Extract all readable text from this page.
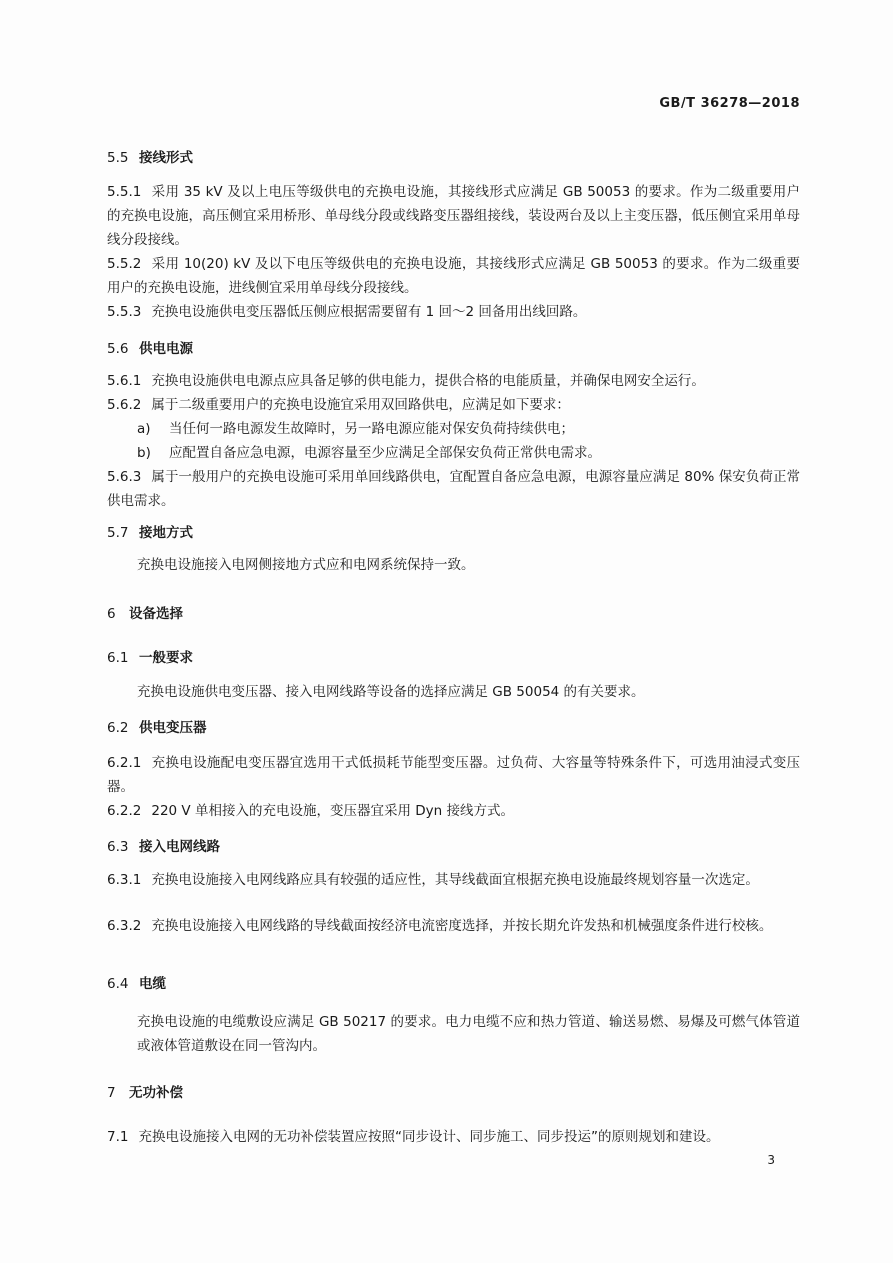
GB/T 36278—2018
5.5 接线形式
5.5.1 采用 35 kV 及以上电压等级供电的充换电设施，其接线形式应满足 GB 50053 的要求。作为二级重要用户的充换电设施，高压侧宜采用桥形、单母线分段或线路变压器组接线，装设两台及以上主变压器，低压侧宜采用单母线分段接线。
5.5.2 采用 10(20) kV 及以下电压等级供电的充换电设施，其接线形式应满足 GB 50053 的要求。作为二级重要用户的充换电设施，进线侧宜采用单母线分段接线。
5.5.3 充换电设施供电变压器低压侧应根据需要留有 1 回～2 回备用出线回路。
5.6 供电电源
5.6.1 充换电设施供电电源点应具备足够的供电能力，提供合格的电能质量，并确保电网安全运行。
5.6.2 属于二级重要用户的充换电设施宜采用双回路供电，应满足如下要求：
a) 当任何一路电源发生故障时，另一路电源应能对保安负荷持续供电；
b) 应配置自备应急电源，电源容量至少应满足全部保安负荷正常供电需求。
5.6.3 属于一般用户的充换电设施可采用单回线路供电，宜配置自备应急电源，电源容量应满足 80% 保安负荷正常供电需求。
5.7 接地方式
充换电设施接入电网侧接地方式应和电网系统保持一致。
6 设备选择
6.1 一般要求
充换电设施供电变压器、接入电网线路等设备的选择应满足 GB 50054 的有关要求。
6.2 供电变压器
6.2.1 充换电设施配电变压器宜选用干式低损耗节能型变压器。过负荷、大容量等特殊条件下，可选用油浸式变压器。
6.2.2 220 V 单相接入的充电设施，变压器宜采用 Dyn 接线方式。
6.3 接入电网线路
6.3.1 充换电设施接入电网线路应具有较强的适应性，其导线截面宜根据充换电设施最终规划容量一次选定。
6.3.2 充换电设施接入电网线路的导线截面按经济电流密度选择，并按长期允许发热和机械强度条件进行校核。
6.4 电缆
充换电设施的电缆敷设应满足 GB 50217 的要求。电力电缆不应和热力管道、输送易燃、易爆及可燃气体管道或液体管道敷设在同一管沟内。
7 无功补偿
7.1 充换电设施接入电网的无功补偿装置应按照“同步设计、同步施工、同步投运”的原则规划和建设。
3
